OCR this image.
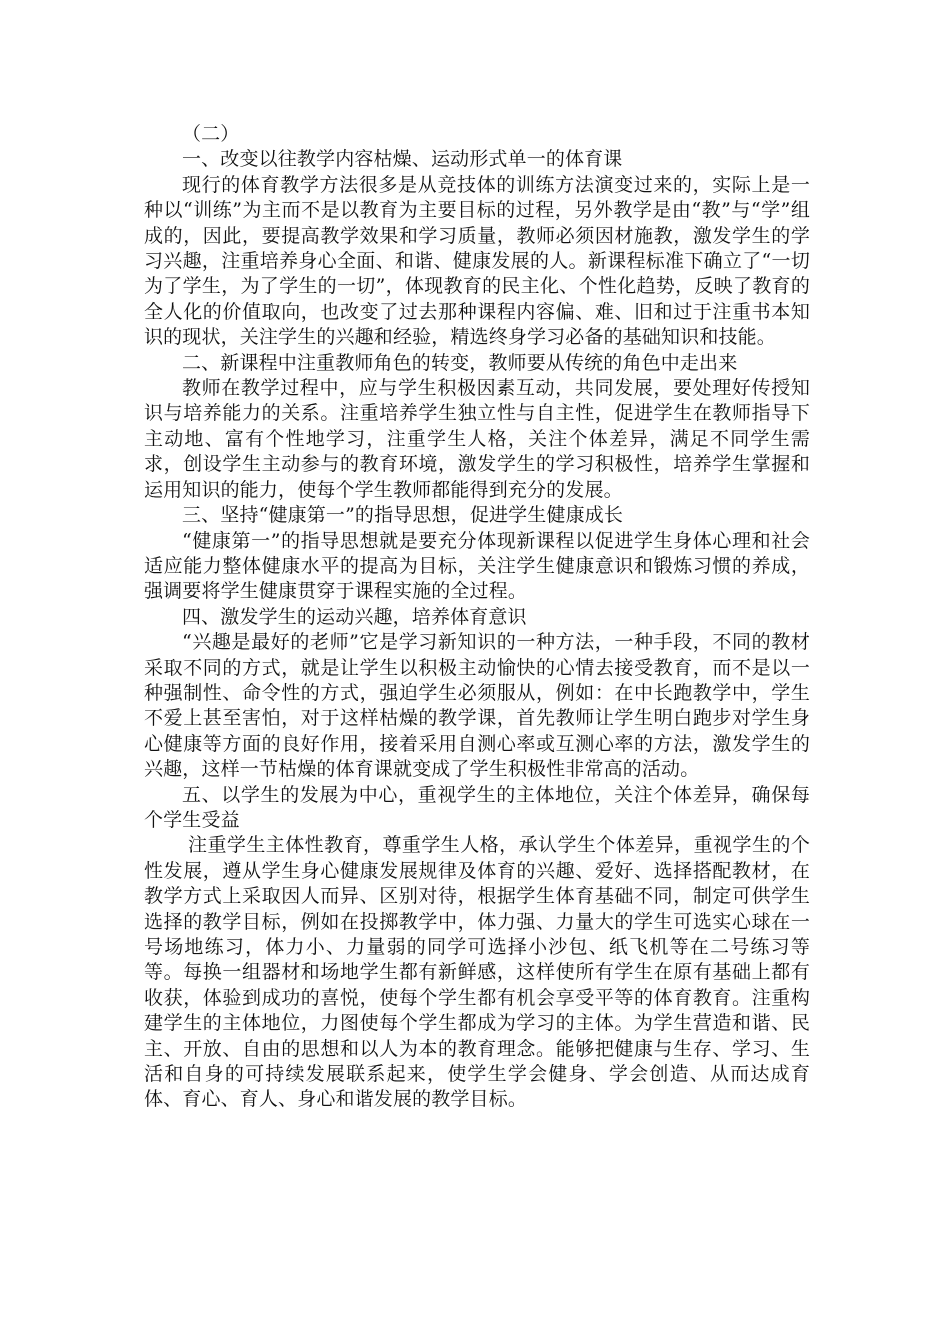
（二）

一、改变以往教学内容枯燥、运动形式单一的体育课

现行的体育教学方法很多是从竞技体的训练方法演变过来的，实际上是一种以“训练”为主而不是以教育为主要目标的过程，另外教学是由“教”与“学”组成的，因此，要提高教学效果和学习质量，教师必须因材施教，激发学生的学习兴趣，注重培养身心全面、和谐、健康发展的人。新课程标准下确立了“一切为了学生，为了学生的一切”，体现教育的民主化、个性化趋势，反映了教育的全人化的价值取向，也改变了过去那种课程内容偏、难、旧和过于注重书本知识的现状，关注学生的兴趣和经验，精选终身学习必备的基础知识和技能。

二、新课程中注重教师角色的转变，教师要从传统的角色中走出来

教师在教学过程中，应与学生积极因素互动，共同发展，要处理好传授知识与培养能力的关系。注重培养学生独立性与自主性，促进学生在教师指导下主动地、富有个性地学习，注重学生人格，关注个体差异，满足不同学生需求，创设学生主动参与的教育环境，激发学生的学习积极性，培养学生掌握和运用知识的能力，使每个学生教师都能得到充分的发展。

三、坚持“健康第一”的指导思想，促进学生健康成长

“健康第一”的指导思想就是要充分体现新课程以促进学生身体心理和社会适应能力整体健康水平的提高为目标，关注学生健康意识和锻炼习惯的养成，强调要将学生健康贯穿于课程实施的全过程。

四、激发学生的运动兴趣，培养体育意识

“兴趣是最好的老师”它是学习新知识的一种方法，一种手段，不同的教材采取不同的方式，就是让学生以积极主动愉快的心情去接受教育，而不是以一种强制性、命令性的方式，强迫学生必须服从，例如：在中长跑教学中，学生不爱上甚至害怕，对于这样枯燥的教学课，首先教师让学生明白跑步对学生身心健康等方面的良好作用，接着采用自测心率或互测心率的方法，激发学生的兴趣，这样一节枯燥的体育课就变成了学生积极性非常高的活动。

五、以学生的发展为中心，重视学生的主体地位，关注个体差异，确保每个学生受益

注重学生主体性教育，尊重学生人格，承认学生个体差异，重视学生的个性发展，遵从学生身心健康发展规律及体育的兴趣、爱好、选择搭配教材，在教学方式上采取因人而异、区别对待，根据学生体育基础不同，制定可供学生选择的教学目标，例如在投掷教学中，体力强、力量大的学生可选实心球在一号场地练习，体力小、力量弱的同学可选择小沙包、纸飞机等在二号练习等等。每换一组器材和场地学生都有新鲜感，这样使所有学生在原有基础上都有收获，体验到成功的喜悦，使每个学生都有机会享受平等的体育教育。注重构建学生的主体地位，力图使每个学生都成为学习的主体。为学生营造和谐、民主、开放、自由的思想和以人为本的教育理念。能够把健康与生存、学习、生活和自身的可持续发展联系起来，使学生学会健身、学会创造、从而达成育体、育心、育人、身心和谐发展的教学目标。
